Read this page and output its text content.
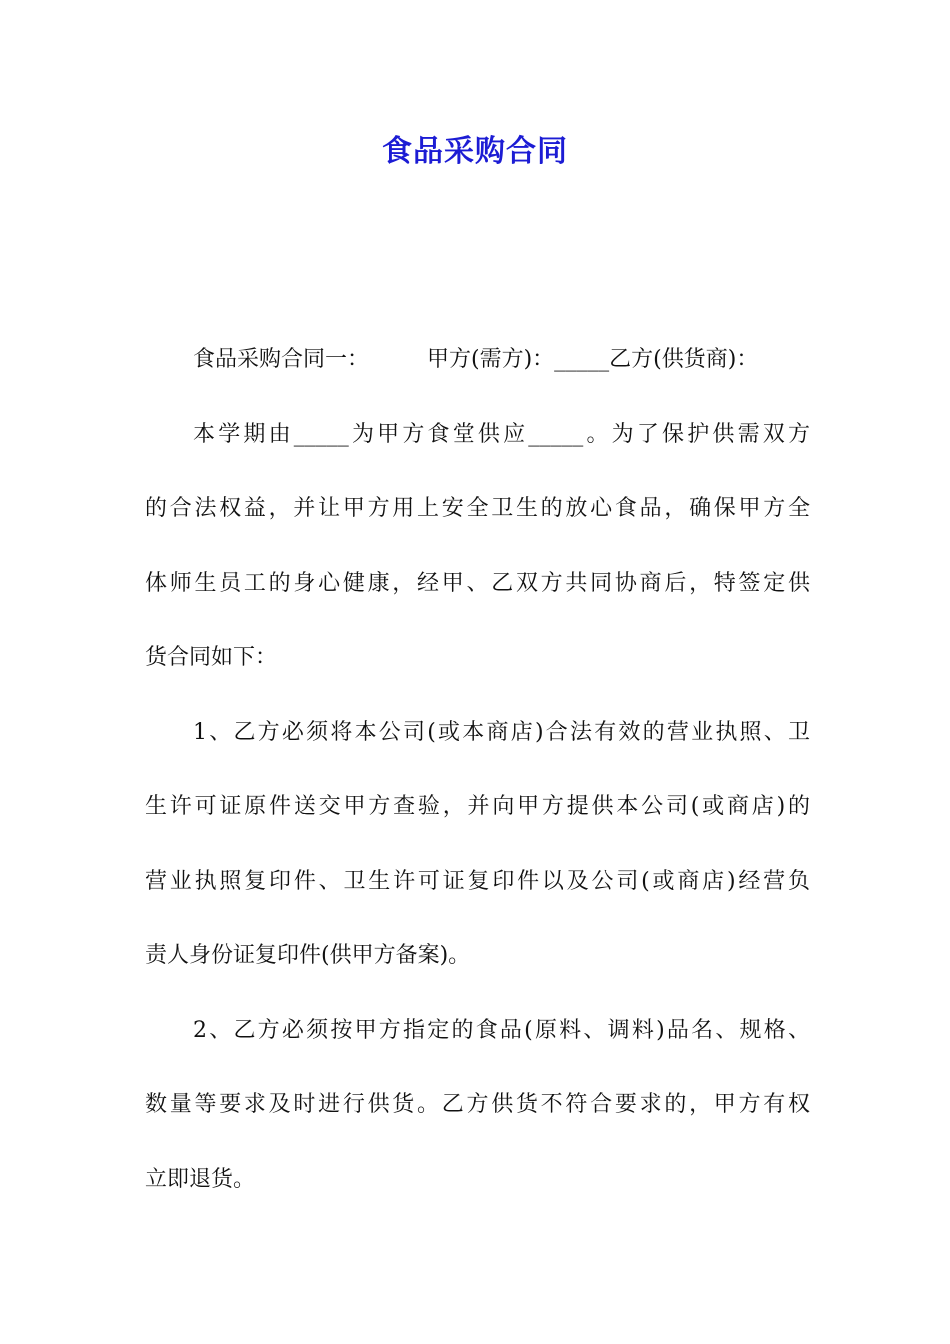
食品采购合同
食品采购合同一：	甲方(需方)：_____乙方(供货商)：
本学期由_____为甲方食堂供应_____。为了保护供需双方
的合法权益，并让甲方用上安全卫生的放心食品，确保甲方全
体师生员工的身心健康，经甲、乙双方共同协商后，特签定供
货合同如下：
1、乙方必须将本公司(或本商店)合法有效的营业执照、卫
生许可证原件送交甲方查验，并向甲方提供本公司(或商店)的
营业执照复印件、卫生许可证复印件以及公司(或商店)经营负
责人身份证复印件(供甲方备案)。
2、乙方必须按甲方指定的食品(原料、调料)品名、规格、
数量等要求及时进行供货。乙方供货不符合要求的，甲方有权
立即退货。
